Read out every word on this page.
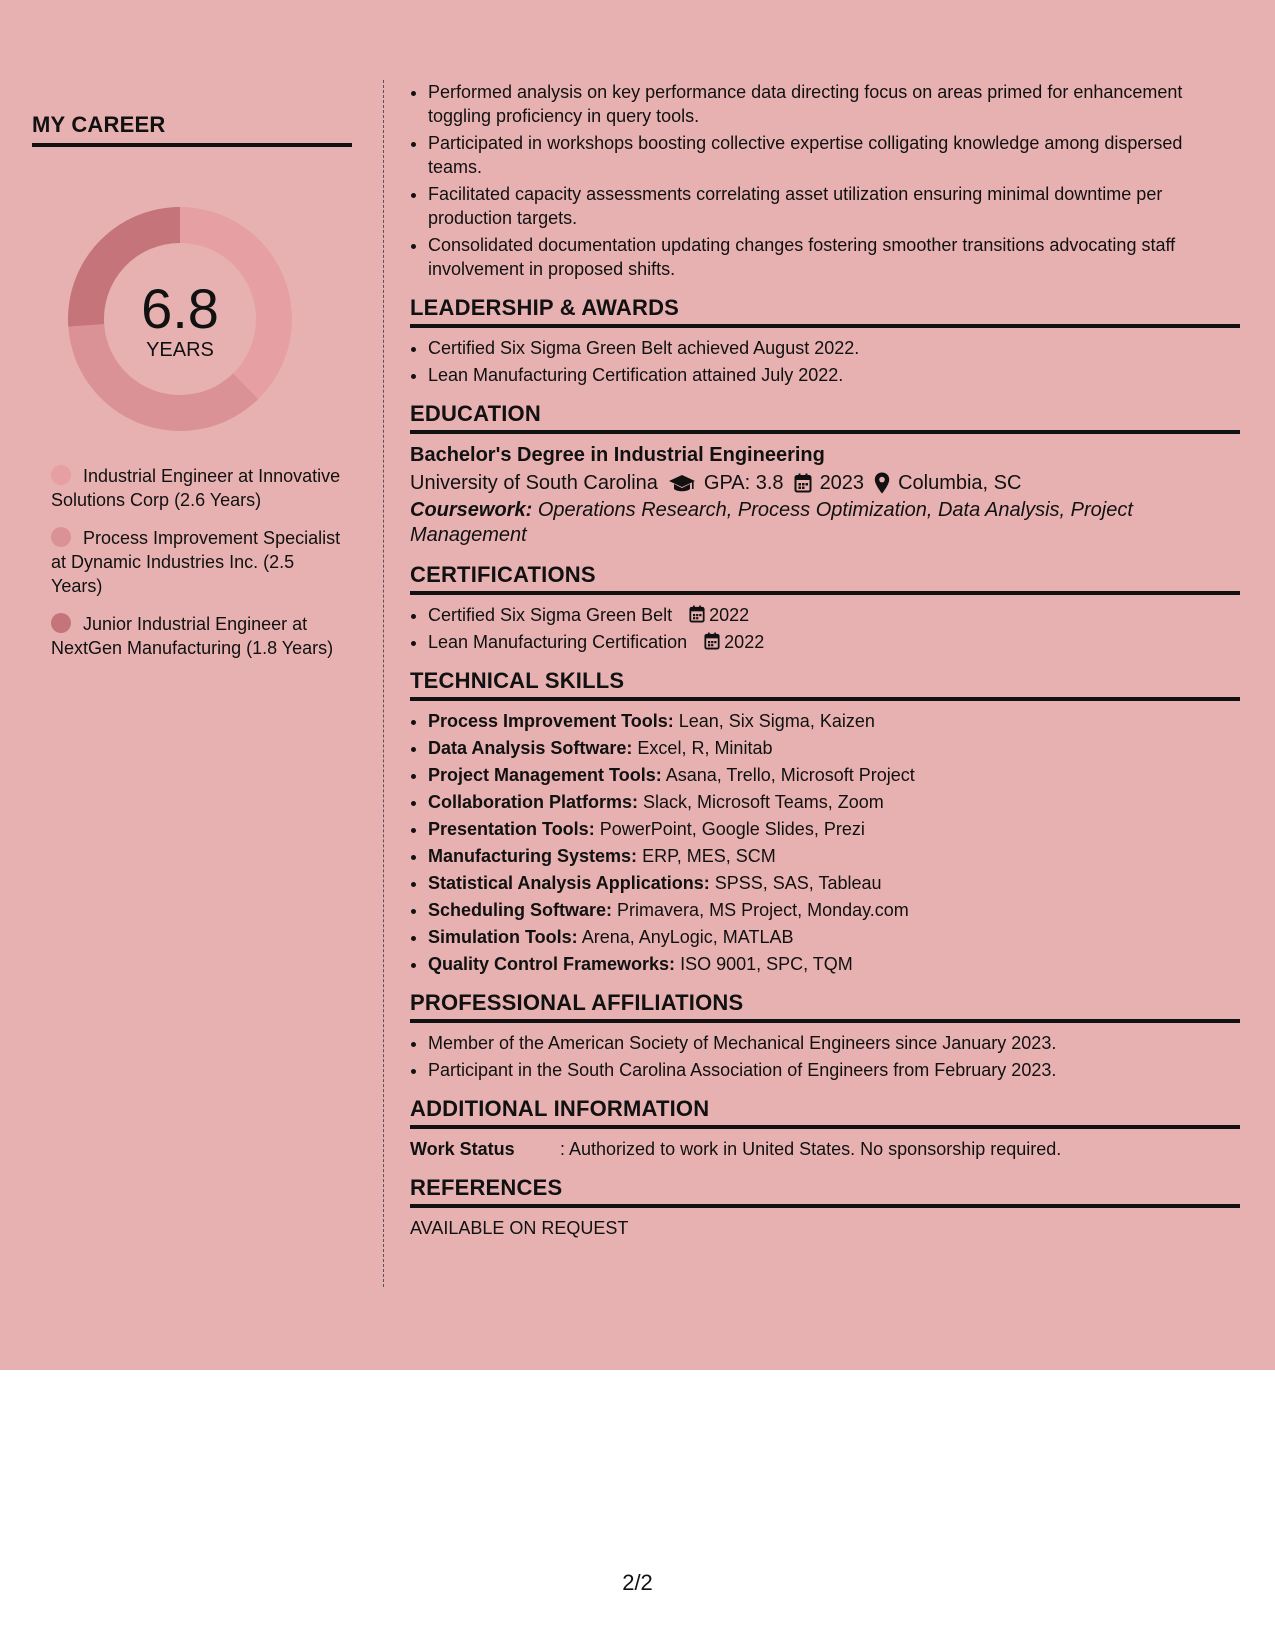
MY CAREER
6.8
YEARS
Industrial Engineer at Innovative Solutions Corp (2.6 Years)
Process Improvement Specialist at Dynamic Industries Inc. (2.5 Years)
Junior Industrial Engineer at NextGen Manufacturing (1.8 Years)
• Performed analysis on key performance data directing focus on areas primed for enhancement toggling proficiency in query tools.
• Participated in workshops boosting collective expertise colligating knowledge among dispersed teams.
• Facilitated capacity assessments correlating asset utilization ensuring minimal downtime per production targets.
• Consolidated documentation updating changes fostering smoother transitions advocating staff involvement in proposed shifts.
LEADERSHIP & AWARDS
• Certified Six Sigma Green Belt achieved August 2022.
• Lean Manufacturing Certification attained July 2022.
EDUCATION
Bachelor's Degree in Industrial Engineering
University of South Carolina GPA: 3.8 2023 Columbia, SC
Coursework: Operations Research, Process Optimization, Data Analysis, Project Management
CERTIFICATIONS
• Certified Six Sigma Green Belt 2022
• Lean Manufacturing Certification 2022
TECHNICAL SKILLS
• Process Improvement Tools: Lean, Six Sigma, Kaizen
• Data Analysis Software: Excel, R, Minitab
• Project Management Tools: Asana, Trello, Microsoft Project
• Collaboration Platforms: Slack, Microsoft Teams, Zoom
• Presentation Tools: PowerPoint, Google Slides, Prezi
• Manufacturing Systems: ERP, MES, SCM
• Statistical Analysis Applications: SPSS, SAS, Tableau
• Scheduling Software: Primavera, MS Project, Monday.com
• Simulation Tools: Arena, AnyLogic, MATLAB
• Quality Control Frameworks: ISO 9001, SPC, TQM
PROFESSIONAL AFFILIATIONS
• Member of the American Society of Mechanical Engineers since January 2023.
• Participant in the South Carolina Association of Engineers from February 2023.
ADDITIONAL INFORMATION
Work Status	: Authorized to work in United States. No sponsorship required.
REFERENCES
AVAILABLE ON REQUEST
2/2
